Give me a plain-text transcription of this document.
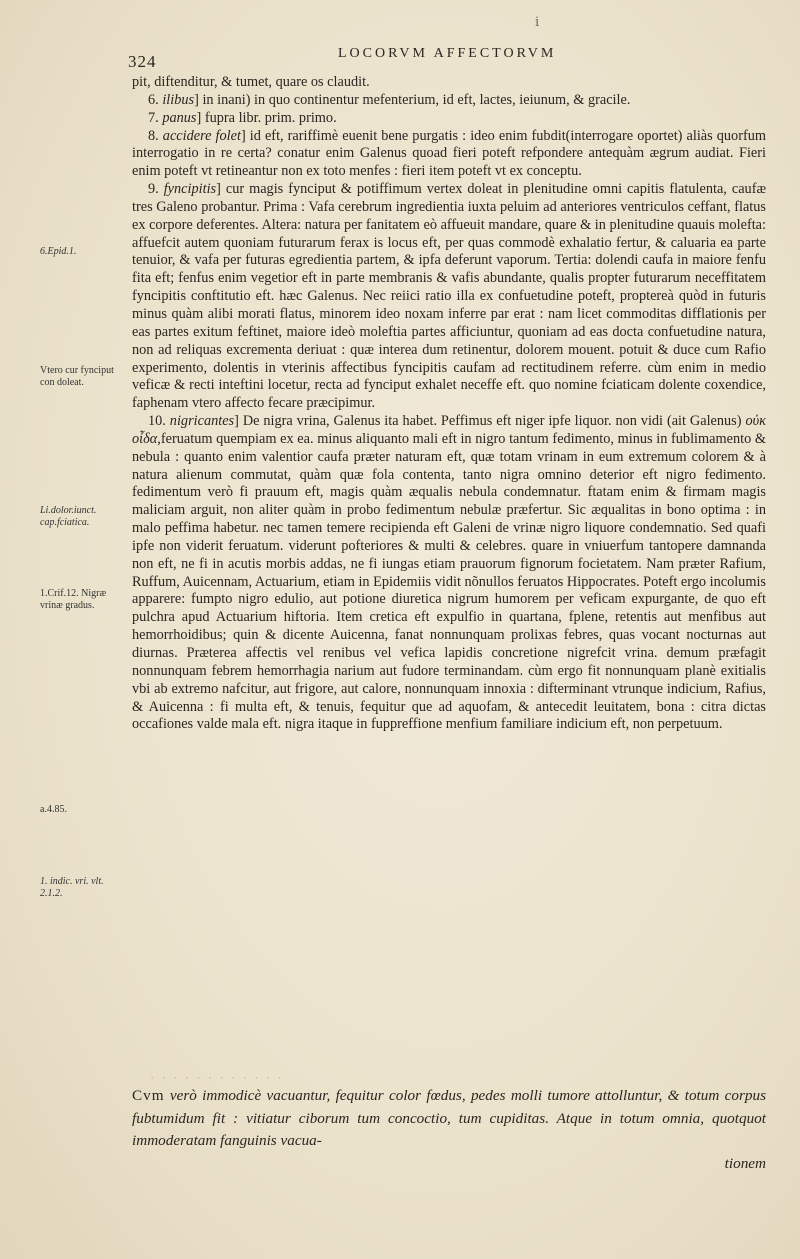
ⅰ
324	LOCORVM AFFECTORVM
6.Epid.1.
Vtero cur fynciput con doleat.
Li.dolor.iunct. cap.fciatica.
1.Crif.12. Nigræ vrinæ gradus.
a.4.85.
1. indic. vri. vlt. 2.1.2.

pit, diftenditur, & tumet, quare os claudit.

6. ilibus] in inani) in quo continentur mefenterium, id eft, lactes, ieiunum, & gracile.

7. panus] fupra libr. prim. primo.

8. accidere folet] id eft, rariffimè euenit bene purgatis : ideo enim fubdit(interrogare oportet) aliàs quorfum interrogatio in re certa? conatur enim Galenus quoad fieri poteft refpondere antequàm ægrum audiat. Fieri enim poteft vt retineantur non ex toto menfes : fieri item poteft vt ex conceptu.

9. fyncipitis] cur magis fynciput & potiffimum vertex doleat in plenitudine omni capitis flatulenta, caufæ tres Galeno probantur. Prima : Vafa cerebrum ingredientia iuxta peluim ad anteriores ventriculos ceffant, flatus ex corpore deferentes. Altera: natura per fanitatem eò affueuit mandare, quare & in plenitudine quauis molefta: affuefcit autem quoniam futurarum ferax is locus eft, per quas commodè exhalatio fertur, & caluaria ea parte tenuior, & vafa per futuras egredientia partem, & ipfa deferunt vaporum. Tertia: dolendi caufa in maiore fenfu fita eft; fenfus enim vegetior eft in parte membranis & vafis abundante, qualis propter futurarum neceffitatem fyncipitis conftitutio eft. hæc Galenus. Nec reiici ratio illa ex confuetudine poteft, proptereà quòd in futuris minus quàm alibi morati flatus, minorem ideo noxam inferre par erat : nam licet commoditas difflationis per eas partes exitum feftinet, maiore ideò moleftia partes afficiuntur, quoniam ad eas docta confuetudine natura, non ad reliquas excrementa deriuat : quæ interea dum retinentur, dolorem mouent. potuit & duce cum Rafio experimento, dolentis in vterinis affectibus fyncipitis caufam ad rectitudinem referre. cùm enim in medio veficæ & recti inteftini locetur, recta ad fynciput exhalet neceffe eft. quo nomine fciaticam dolente coxendice, faphenam vtero affecto fecare præcipimur.

10. nigricantes] De nigra vrina, Galenus ita habet. Peffimus eft niger ipfe liquor. non vidi (ait Galenus) οὐκ οἶδα,feruatum quempiam ex ea. minus aliquanto mali eft in nigro tantum fedimento, minus in fublimamento & nebula : quanto enim valentior caufa præter naturam eft, quæ totam vrinam in eum extremum colorem & à natura alienum commutat, quàm quæ fola contenta, tanto nigra omnino deterior eft nigro fedimento. fedimentum verò fi prauum eft, magis quàm æqualis nebula condemnatur. ftatam enim & firmam magis maliciam arguit, non aliter quàm in probo fedimentum nebulæ præfertur. Sic æqualitas in bono optima : in malo peffima habetur. nec tamen temere recipienda eft Galeni de vrinæ nigro liquore condemnatio. Sed quafi ipfe non viderit feruatum. viderunt pofteriores & multi & celebres. quare in vniuerfum tantopere damnanda non eft, ne fi in acutis morbis addas, ne fi iungas etiam prauorum fignorum focietatem. Nam præter Rafium, Ruffum, Auicennam, Actuarium, etiam in Epidemiis vidit nõnullos feruatos Hippocrates. Poteft ergo incolumis apparere: fumpto nigro edulio, aut potione diuretica nigrum humorem per veficam expurgante, de quo eft pulchra apud Actuarium hiftoria. Item cretica eft expulfio in quartana, fplene, retentis aut menfibus aut hemorrhoidibus; quin & dicente Auicenna, fanat nonnunquam prolixas febres, quas vocant nocturnas aut diurnas. Præterea affectis vel renibus vel vefica lapidis concretione nigrefcit vrina. demum præfagit nonnunquam febrem hemorrhagia narium aut fudore terminandam. cùm ergo fit nonnunquam planè exitialis vbi ab extremo nafcitur, aut frigore, aut calore, nonnunquam innoxia : difterminant vtrunque indicium, Rafius, & Auicenna : fi multa eft, & tenuis, fequitur que ad aquofam, & antecedit leuitatem, bona : citra dictas occafiones valde mala eft. nigra itaque in fuppreffione menfium familiare indicium eft, non perpetuum.

· · · · · · · · · · · ·
Cvm verò immodicè vacuantur, fequitur color fœdus, pedes molli tumore attolluntur, & totum corpus fubtumidum fit : vitiatur ciborum tum concoctio, tum cupiditas. Atque in totum omnia, quotquot immoderatam fanguinis vacua-
tionem
